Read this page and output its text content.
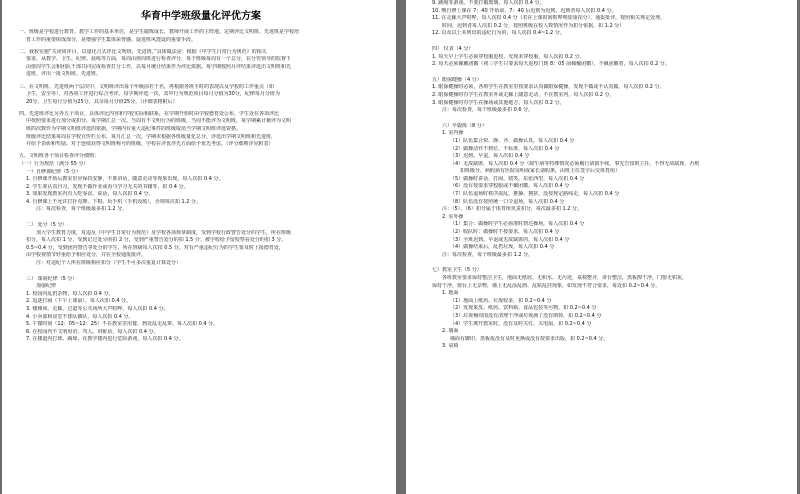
华育中学班级量化评优方案
一、班级是学校进行教育、教学工作的基本单位，是学生锻炼成长、教师开展工作的主阵地。定期评比文明班、先进班是学校培
育工作的重要组成部分，是增强学生集体荣誉感、促进班风建设的重要手段。
二、我校实施“关闭周评目，以量化月式评比文明班、先进班。”具体做法是：根据《中学生日常行为规范》的相关
要求，从教学、卫生、纪律、晨练等方面，每周由值周班进行检查评分，每个班级每周有一个总分，在分管领导的监督下
由值周学生会和团队干部共同完成检查打分工作，以每月统计结果作为评比依据。每学期按照月评结果评选出文明班和先
进班，评出一批文明班、先进班。
三、在文明班、先进班两个层次中，文明班评出每个年级前若干名，再根据各班平时的表现以及学校的工作重点（如
卫生、安全等），对各项工作进行综合考评。每学期评选一次，其中行为规范项目每月分值为30分，纪律每月分值为
20分，卫生每月分值为25分，其余每月分值25分。（详细表格附后）
四、先进班评比另外五个项目，具体评比内容和学校实际相联系，在学期开始时由学校德育处公布，学生处在各项评比
中按照要求进行加分或扣分，每学期汇总一次。当周有不文明行为的班级，当周不能评为文明班，每学期累计被评为文明
班的次数作为学期文明班评选的依据，学期内有重大违纪事件的班级取消当学期文明班评选资格。
班级评比结果每周在学校宣传栏公布，每月汇总一次。学期末根据各班级量化总分，评选出学期文明班和先进班，
并给予表彰和奖励。对于连续获得文明班称号的班级，学校在评优评先方面给予优先考虑。（评分细则详见附表）
五、文明班各个项目检查评分细则：
（一）行为规范（满分 55 分）
一）自修课纪律（5 分）
1. 自修课开始后教室里应保持安静，不准讲话，随意走动等现象出现，每人次扣 0.4 分。
2. 学生要认真自习，发现不做作业或看与学习无关的书籍等，扣 0.4 分。
3. 如果发现教室内有人吃零食、说话，每人次扣 0.4 分。
4. 自修课上不允许打扑克牌、下棋、玩手机（手机没收），否则每次扣 1.2 分。
注：每次检查，每个班级最多扣 1.2 分。
二） 处分（5 分）
加大学生教育力度，对违反《中学生日常行为规范》及学校各项规章制度，受到学校行政警告处分的学生，所在班级
扣分，每人次扣 1 分，受到记过处分的扣 2 分，受到严重警告处分的扣 1.5 分；被学校给予留校察看处分的扣 3 分。
0.5~0.4 分，受到团内警告等处分的学生，所在班级每人次扣 0.5 分。对有严重违纪行为的学生要及时上报德育处，
由学校视情节轻重给予相应处分，并在全校通报批评。
注：对违纪个人所在班级相应扣分（学生不可多次重复计算处分）
三） 课间纪律（5 分）
加强纪律
1. 校园内乱扔杂物，每人次扣 0.4 分。
2. 追逐打闹（下午上课前），每人次扣 0.4 分。
3. 楼梯间、走廊、过道等公共场所大声喧哗，每人次扣 0.4 分。
4. 小卖部和食堂不排队插队，每人次扣 0.4 分。
5. 午餐时间（12：05~12：25）不在教室里用餐，到处乱走乱窜，每人次扣 0.4 分。
6. 在校园内不文明用语、骂人、讲脏话，每人次扣 0.4 分。
7. 在楼道内打球、踢球，在教学楼内进行危险游戏，每人次扣 0.4 分。
9. 跳绳等游戏，不要打破玻璃，每人次扣 0.4 分。
10. 晚自修上课在 7：40 开始前，7：40 后迟到为迟到，迟到者每人次扣 0.4 分。
11. 在走廊大声喧哗，每人次扣 0.4 分（若在上课时间喧哗则加重扣分），通报批评，按照相关规定处理。
时间，迟到者每人次扣 0.2 分，按照班级在校人数情况作为扣分依据，扣 1.2 分）
12. 以及以上未列出的违纪行为的，每人次扣 0.4~1.2 分。
四） 仪表（4 分）
1. 每天早上学生必须穿校服进校，发现未穿校服，每人次扣 0.2 分。
2. 每天必须佩戴团徽（初三学生只要求每天进校门到 8：05 前佩戴团徽），不佩团徽者，每人次扣 0.2 分。
五）眼保健操（4 分）
1. 眼保健操时必须，各班学生在教室里按要求认真做眼保健操，发现不做或不认真做，每人次扣 0.2 分。
2. 眼保健操时有学生在教室外或走廊上随意走动，不在教室内，每人次扣 0.2 分。
3. 眼保健操时有学生在操场或其他地方，每人次扣 0.2 分。
注：每次检查，每个班级最多扣 0.6 分。
六）早锻炼（8 分）
1. 室内操
（1）队伍集合快、静、齐，做操认真，每人次扣 0.4 分
（2）做操动作不到位、不标准，每人次扣 0.4 分
（3）迟到、早退，每人次扣 0.4 分
（4）无故缺席，每人次扣 0.4 分（除生病等特殊情况必须履行请假手续，事先告知班主任，不得无故缺席，否则
扣班级分，病假须有医院证明或家长请假条，由班主任签字后交体育组）
（5）做操时讲话、打闹、嬉笑、东张西望，每人次扣 0.4 分
（6）没有按要求穿校服或不戴团徽，每人次扣 0.4 分
（7）队伍退场时秩序混乱、推搡、拥挤，没按规定路线走，每人次扣 0.4 分
（8）队伍没有按照统一口令退场，每人次扣 0.4 分
注：（5）、（6）扣分属于体育组负责扣分，每次最多扣 1.2 分。
2. 室外操
（1）集合：做操时学生必须准时到达操场，每人次扣 0.4 分
（2）收队时：做操时不按要求，每人次扣 0.4 分
（3）全班迟到、早退或无故缺席的，每人次扣 0.4 分
（4）做操结束后，乱扔垃圾，每人次扣 0.4 分
注：每次检查，每个班级最多扣 1.2 分。
七）教室卫生（5 分）
各班教室要求保持整洁卫生，地面无纸屑、无积水、无污迹，桌椅整齐，讲台整洁，黑板擦干净，门窗无积灰，
保持干净，窗台上无杂物，墙上无乱涂乱画、乱贴乱挂现象，如发现不符合要求，每处扣 0.2~0.4 分。
1. 地面
（1）地面上纸屑、垃圾较多，扣 0.2~0.4 分
（2）发现果皮、纸屑、饮料瓶、食品包装等污物，扣 0.2~0.4 分
（3）垃圾桶周围没有清理干净或垃圾满了没有倒掉，扣 0.2~0.4 分
（4）学生离开教室时，没有及时关灯、关电扇，扣 0.2~0.4 分
2. 墙面
墙面有脚印，黑板报没有及时更换或没有按要求出版，扣 0.2~0.4 分。
3. 桌椅
